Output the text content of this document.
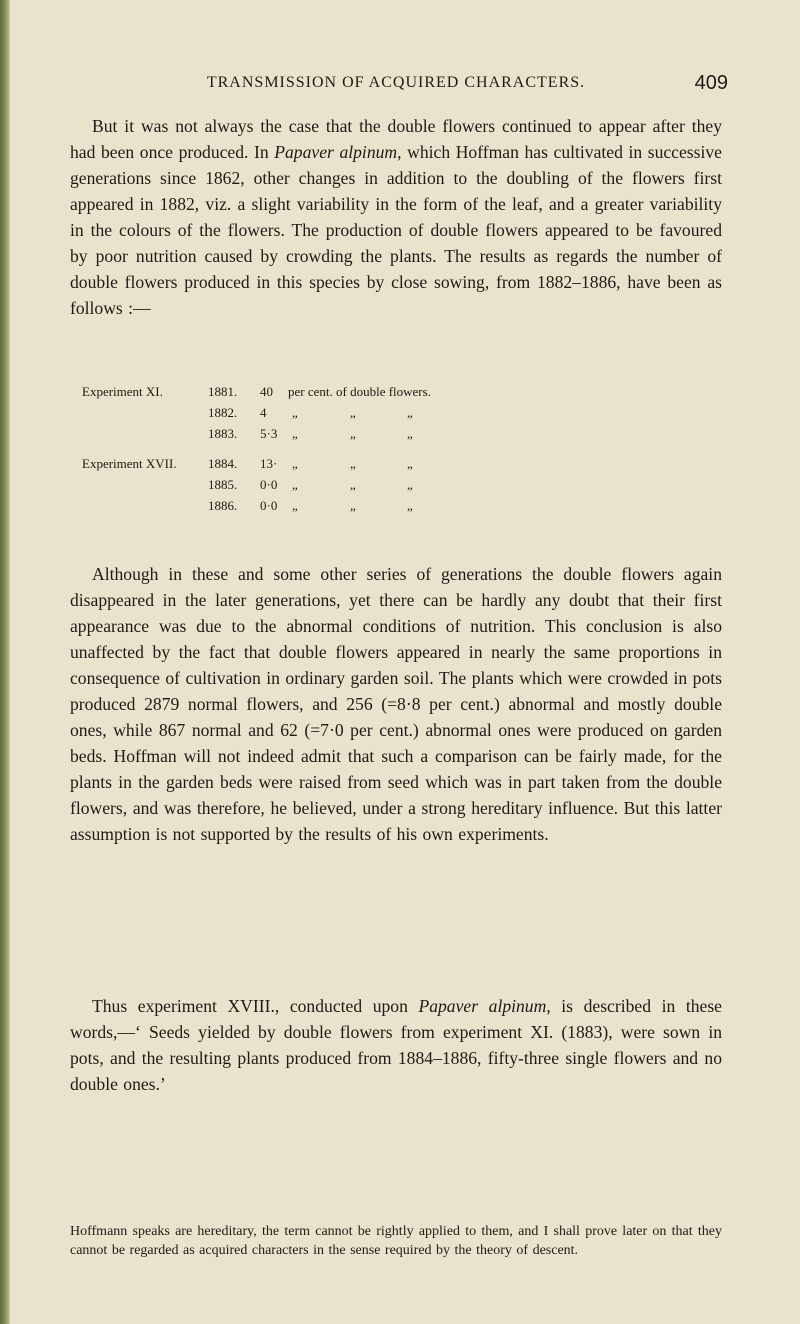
TRANSMISSION OF ACQUIRED CHARACTERS.	409

But it was not always the case that the double flowers continued to appear after they had been once produced. In Papaver alpinum, which Hoffman has cultivated in successive generations since 1862, other changes in addition to the doubling of the flowers first appeared in 1882, viz. a slight variability in the form of the leaf, and a greater variability in the colours of the flowers. The production of double flowers appeared to be favoured by poor nutrition caused by crowding the plants. The results as regards the number of double flowers produced in this species by close sowing, from 1882–1886, have been as follows :—

Experiment XI.	1881. 40 per cent. of double flowers.
1882. 4 „	„	„
1883. 5·3 „	„	„
Experiment XVII. 1884. 13· „	„	„
1885. 0·0 „	„	„
1886. 0·0 „	„	„

Although in these and some other series of generations the double flowers again disappeared in the later generations, yet there can be hardly any doubt that their first appearance was due to the abnormal conditions of nutrition. This conclusion is also unaffected by the fact that double flowers appeared in nearly the same proportions in consequence of cultivation in ordinary garden soil. The plants which were crowded in pots produced 2879 normal flowers, and 256 (=8·8 per cent.) abnormal and mostly double ones, while 867 normal and 62 (=7·0 per cent.) abnormal ones were produced on garden beds. Hoffman will not indeed admit that such a comparison can be fairly made, for the plants in the garden beds were raised from seed which was in part taken from the double flowers, and was therefore, he believed, under a strong hereditary influence. But this latter assumption is not supported by the results of his own experiments.

Thus experiment XVIII., conducted upon Papaver alpinum, is described in these words,—‘ Seeds yielded by double flowers from experiment XI. (1883), were sown in pots, and the resulting plants produced from 1884–1886, fifty-three single flowers and no double ones.’

Hoffmann speaks are hereditary, the term cannot be rightly applied to them, and I shall prove later on that they cannot be regarded as acquired characters in the sense required by the theory of descent.
